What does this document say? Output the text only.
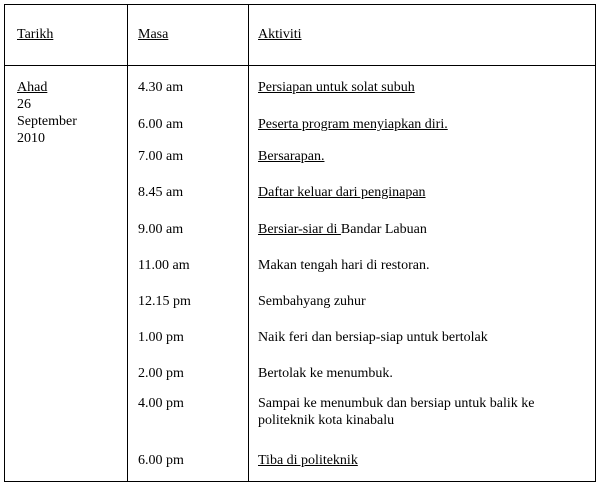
Tarikh	Masa	Aktiviti
Ahad
26
September
2010
4.30 am	Persiapan untuk solat subuh
6.00 am	Peserta program menyiapkan diri.
7.00 am	Bersarapan.
8.45 am	Daftar keluar dari penginapan
9.00 am	Bersiar-siar di Bandar Labuan
11.00 am	Makan tengah hari di restoran.
12.15 pm	Sembahyang zuhur
1.00 pm	Naik feri dan bersiap-siap untuk bertolak
2.00 pm	Bertolak ke menumbuk.
4.00 pm	Sampai ke menumbuk dan bersiap untuk balik ke politeknik kota kinabalu
6.00 pm	Tiba di politeknik
